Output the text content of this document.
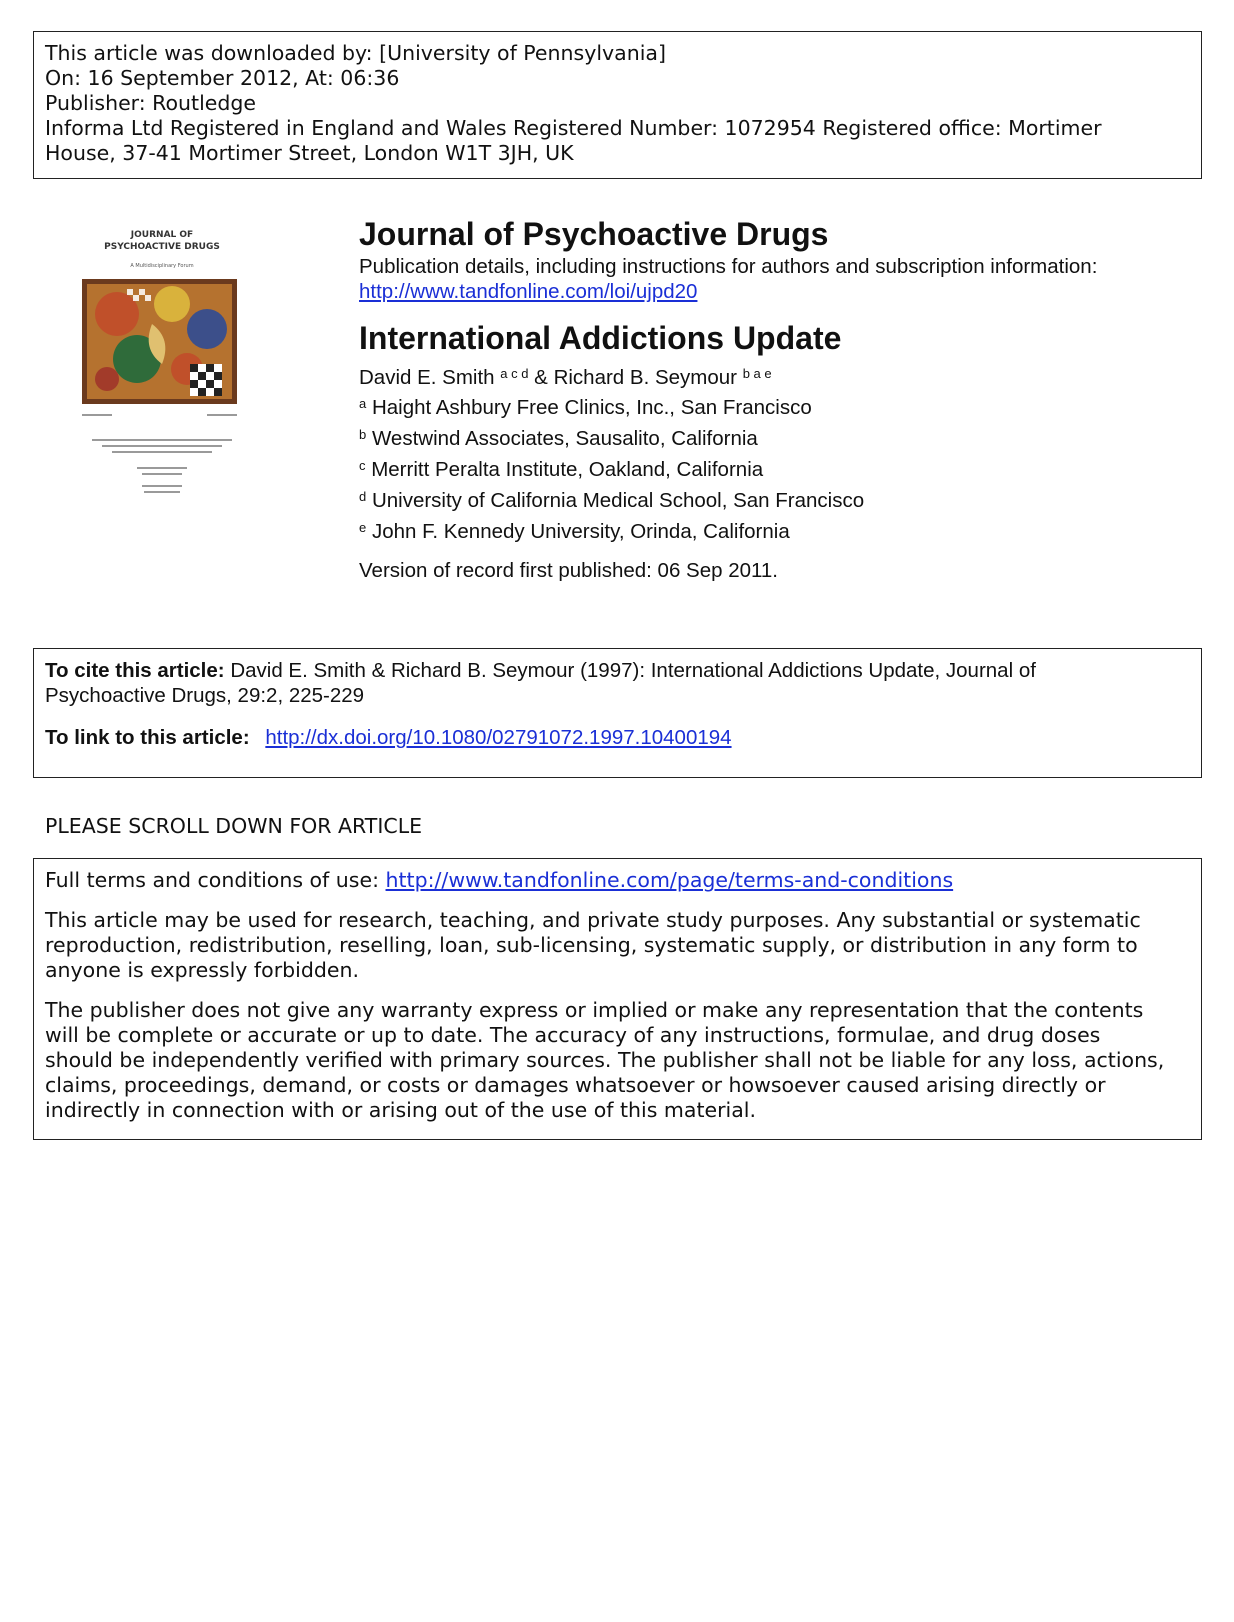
This article was downloaded by: [University of Pennsylvania]
On: 16 September 2012, At: 06:36
Publisher: Routledge
Informa Ltd Registered in England and Wales Registered Number: 1072954 Registered office: Mortimer
House, 37-41 Mortimer Street, London W1T 3JH, UK
JOURNAL OF
PSYCHOACTIVE DRUGS
A Multidisciplinary Forum
Journal of Psychoactive Drugs
Publication details, including instructions for authors and subscription information:
http://www.tandfonline.com/loi/ujpd20
International Addictions Update
David E. Smith $^{a c d}$ & Richard B. Seymour $^{b a e}$
$^a$ Haight Ashbury Free Clinics, Inc., San Francisco
$^b$ Westwind Associates, Sausalito, California
$^c$ Merritt Peralta Institute, Oakland, California
$^d$ University of California Medical School, San Francisco
$^e$ John F. Kennedy University, Orinda, California
Version of record first published: 06 Sep 2011.
To cite this article: David E. Smith & Richard B. Seymour (1997): International Addictions Update, Journal of
Psychoactive Drugs, 29:2, 225-229
To link to this article: http://dx.doi.org/10.1080/02791072.1997.10400194
PLEASE SCROLL DOWN FOR ARTICLE

Full terms and conditions of use: http://www.tandfonline.com/page/terms-and-conditions

This article may be used for research, teaching, and private study purposes. Any substantial or systematic
reproduction, redistribution, reselling, loan, sub-licensing, systematic supply, or distribution in any form to
anyone is expressly forbidden.

The publisher does not give any warranty express or implied or make any representation that the contents
will be complete or accurate or up to date. The accuracy of any instructions, formulae, and drug doses
should be independently verified with primary sources. The publisher shall not be liable for any loss, actions,
claims, proceedings, demand, or costs or damages whatsoever or howsoever caused arising directly or
indirectly in connection with or arising out of the use of this material.
